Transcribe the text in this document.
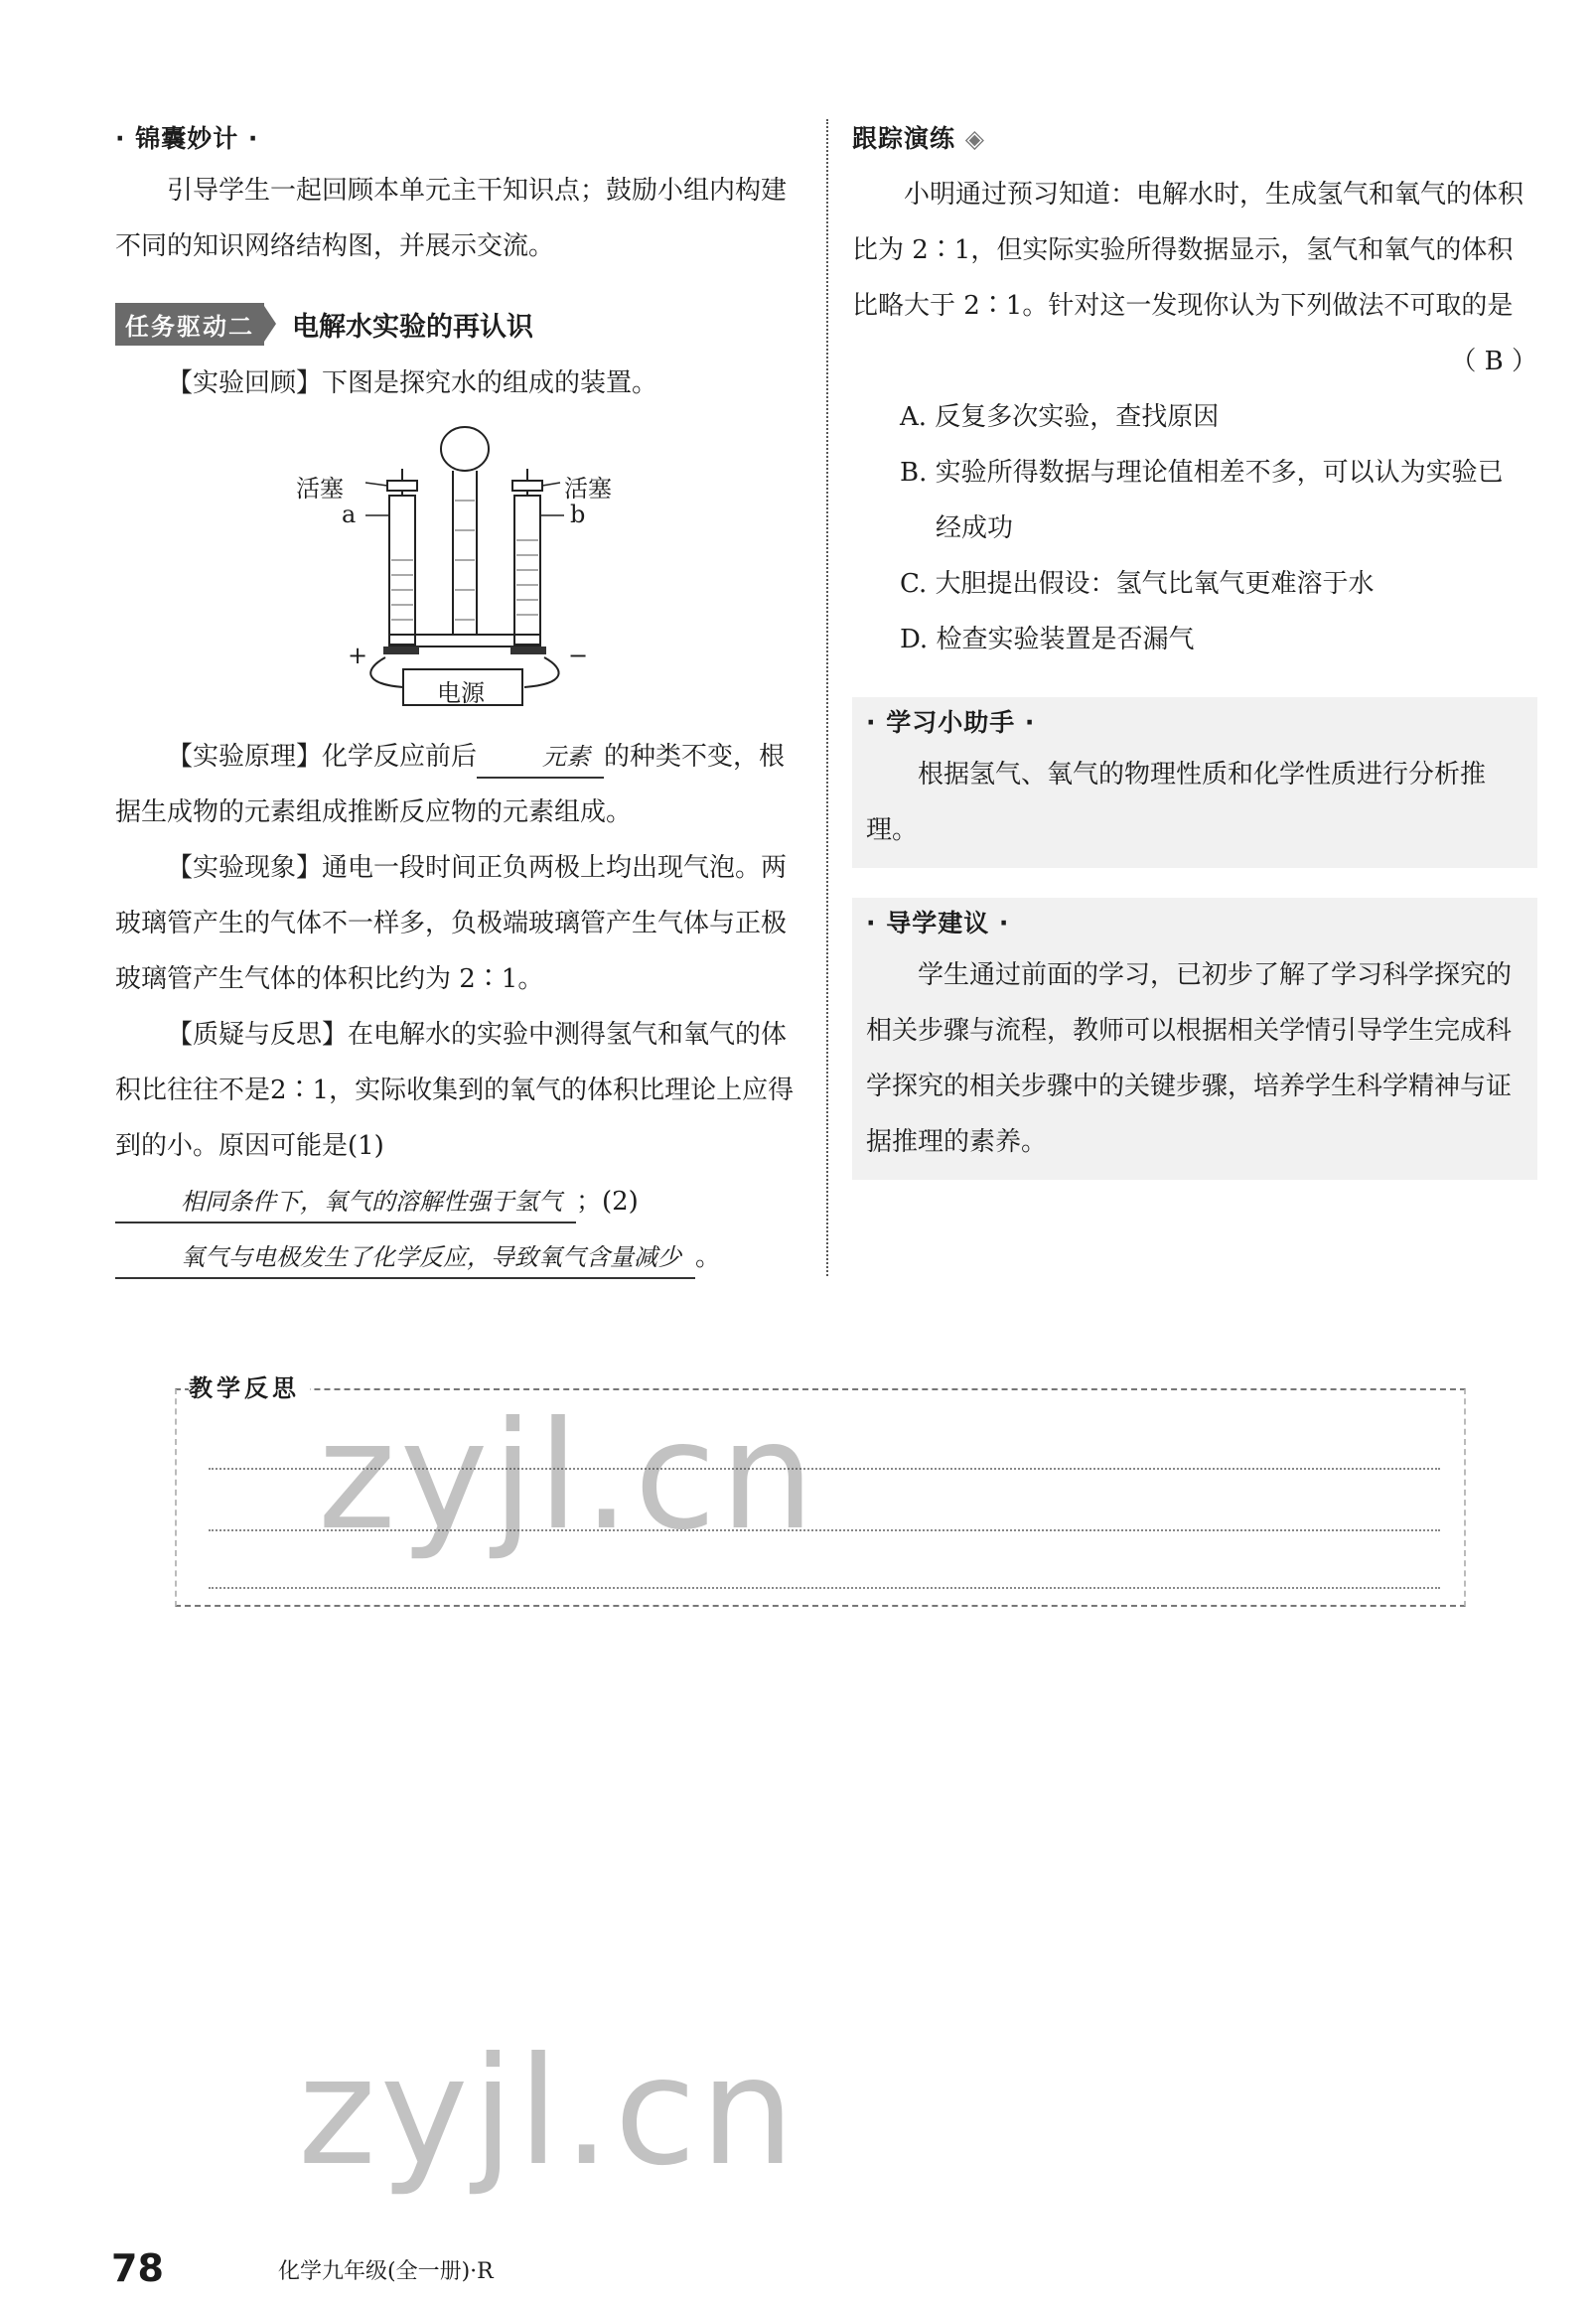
· 锦囊妙计 ·

引导学生一起回顾本单元主干知识点；鼓励小组内构建不同的知识网络结构图，并展示交流。

任务驱动二	电解水实验的再认识

【实验回顾】下图是探究水的组成的装置。

活塞	活塞
a	b
+	−
电源

【实验原理】化学反应前后	元素 的种类不变，根据生成物的元素组成推断反应物的元素组成。

【实验现象】通电一段时间正负两极上均出现气泡。两玻璃管产生的气体不一样多，负极端玻璃管产生气体与正极玻璃管产生气体的体积比约为 2∶1。

【质疑与反思】在电解水的实验中测得氢气和氧气的体积比往往不是2∶1，实际收集到的氧气的体积比理论上应得到的小。原因可能是(1)相同条件下，氧气的溶解性强于氢气 ；(2)氧气与电极发生了化学反应，导致氧气含量减少 。

跟踪演练 ◈

小明通过预习知道：电解水时，生成氢气和氧气的体积比为 2∶1，但实际实验所得数据显示，氢气和氧气的体积比略大于 2∶1。针对这一发现你认为下列做法不可取的是

（ B ）

A. 反复多次实验，查找原因

B. 实验所得数据与理论值相差不多，可以认为实验已

经成功

C. 大胆提出假设：氢气比氧气更难溶于水

D. 检查实验装置是否漏气

· 学习小助手 ·

根据氢气、氧气的物理性质和化学性质进行分析推理。

· 导学建议 ·

学生通过前面的学习，已初步了解了学习科学探究的相关步骤与流程，教师可以根据相关学情引导学生完成科学探究的相关步骤中的关键步骤，培养学生科学精神与证据推理的素养。

教学反思
zyjl.cn
zyjl.cn
78	化学九年级(全一册)·R
